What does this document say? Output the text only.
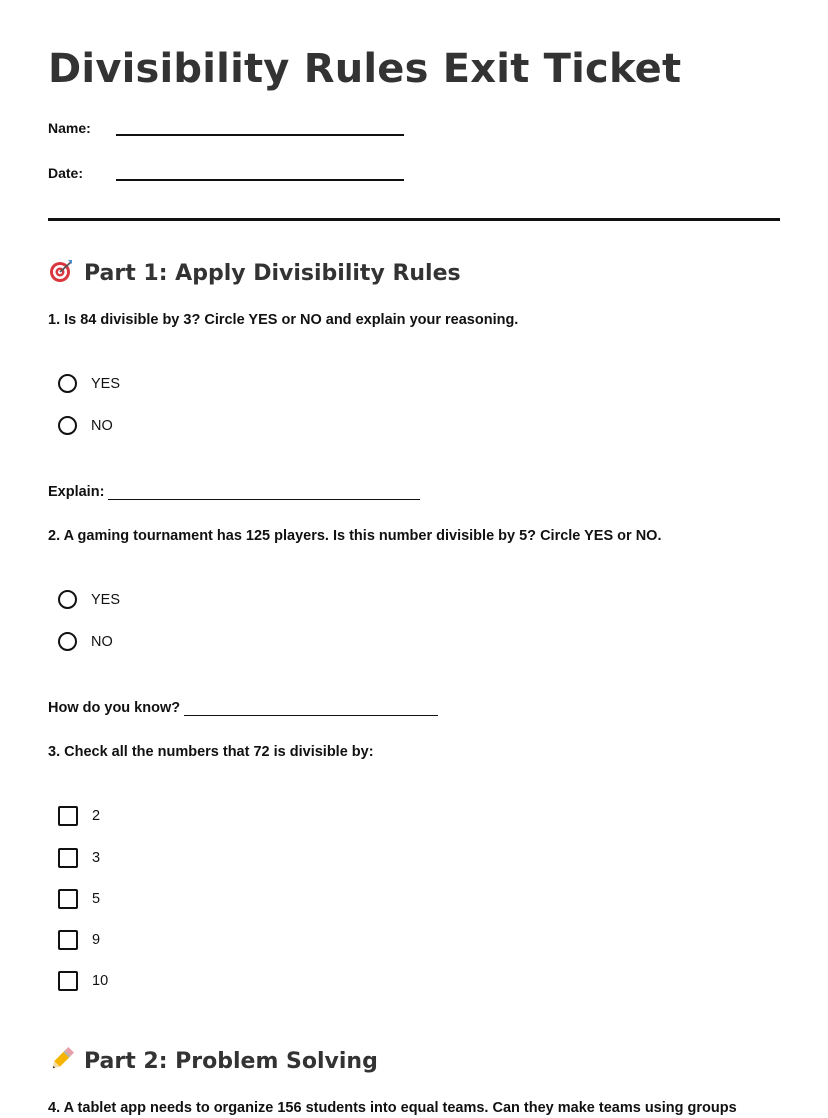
Divisibility Rules Exit Ticket
Name:
Date:
Part 1: Apply Divisibility Rules

1. Is 84 divisible by 3? Circle YES or NO and explain your reasoning.

YES
NO
Explain:

2. A gaming tournament has 125 players. Is this number divisible by 5? Circle YES or NO.

YES
NO
How do you know?

3. Check all the numbers that 72 is divisible by:

2
3
5
9
10
Part 2: Problem Solving

4. A tablet app needs to organize 156 students into equal teams. Can they make teams using groups
